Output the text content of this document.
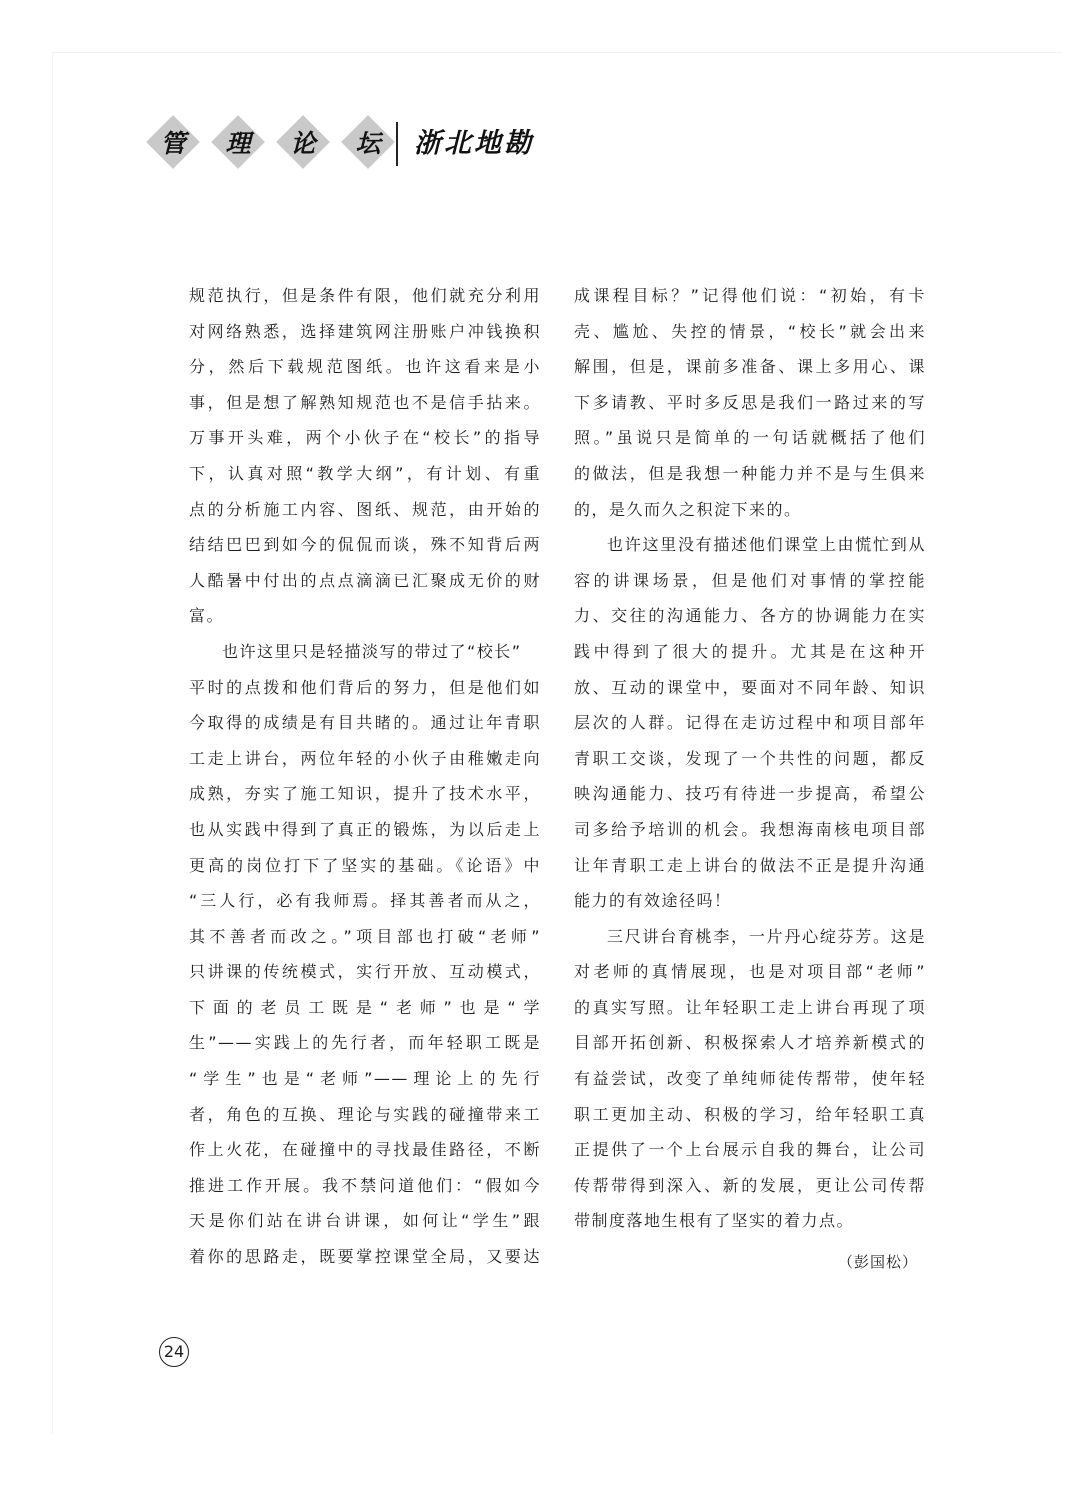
管	理	论	坛	浙北地勘
规范执行，但是条件有限，他们就充分利用
对网络熟悉，选择建筑网注册账户冲钱换积
分，然后下载规范图纸。也许这看来是小
事，但是想了解熟知规范也不是信手拈来。
万事开头难，两个小伙子在“校长”的指导
下，认真对照“教学大纲”，有计划、有重
点的分析施工内容、图纸、规范，由开始的
结结巴巴到如今的侃侃而谈，殊不知背后两
人酷暑中付出的点点滴滴已汇聚成无价的财
富。
也许这里只是轻描淡写的带过了“校长”
平时的点拨和他们背后的努力，但是他们如
今取得的成绩是有目共睹的。通过让年青职
工走上讲台，两位年轻的小伙子由稚嫩走向
成熟，夯实了施工知识，提升了技术水平，
也从实践中得到了真正的锻炼，为以后走上
更高的岗位打下了坚实的基础。《论语》中
“三人行，必有我师焉。择其善者而从之，
其不善者而改之。”项目部也打破“老师”
只讲课的传统模式，实行开放、互动模式，
下面的老员工既是“老师”也是“学
生”——实践上的先行者，而年轻职工既是
“学生”也是“老师”——理论上的先行
者，角色的互换、理论与实践的碰撞带来工
作上火花，在碰撞中的寻找最佳路径，不断
推进工作开展。我不禁问道他们：“假如今
天是你们站在讲台讲课，如何让“学生”跟
着你的思路走，既要掌控课堂全局，又要达
成课程目标？”记得他们说：“初始，有卡
壳、尴尬、失控的情景，“校长”就会出来
解围，但是，课前多准备、课上多用心、课
下多请教、平时多反思是我们一路过来的写
照。”虽说只是简单的一句话就概括了他们
的做法，但是我想一种能力并不是与生俱来
的，是久而久之积淀下来的。
也许这里没有描述他们课堂上由慌忙到从
容的讲课场景，但是他们对事情的掌控能
力、交往的沟通能力、各方的协调能力在实
践中得到了很大的提升。尤其是在这种开
放、互动的课堂中，要面对不同年龄、知识
层次的人群。记得在走访过程中和项目部年
青职工交谈，发现了一个共性的问题，都反
映沟通能力、技巧有待进一步提高，希望公
司多给予培训的机会。我想海南核电项目部
让年青职工走上讲台的做法不正是提升沟通
能力的有效途径吗！
三尺讲台育桃李，一片丹心绽芬芳。这是
对老师的真情展现，也是对项目部“老师”
的真实写照。让年轻职工走上讲台再现了项
目部开拓创新、积极探索人才培养新模式的
有益尝试，改变了单纯师徒传帮带，使年轻
职工更加主动、积极的学习，给年轻职工真
正提供了一个上台展示自我的舞台，让公司
传帮带得到深入、新的发展，更让公司传帮
带制度落地生根有了坚实的着力点。
（彭国松）
24
